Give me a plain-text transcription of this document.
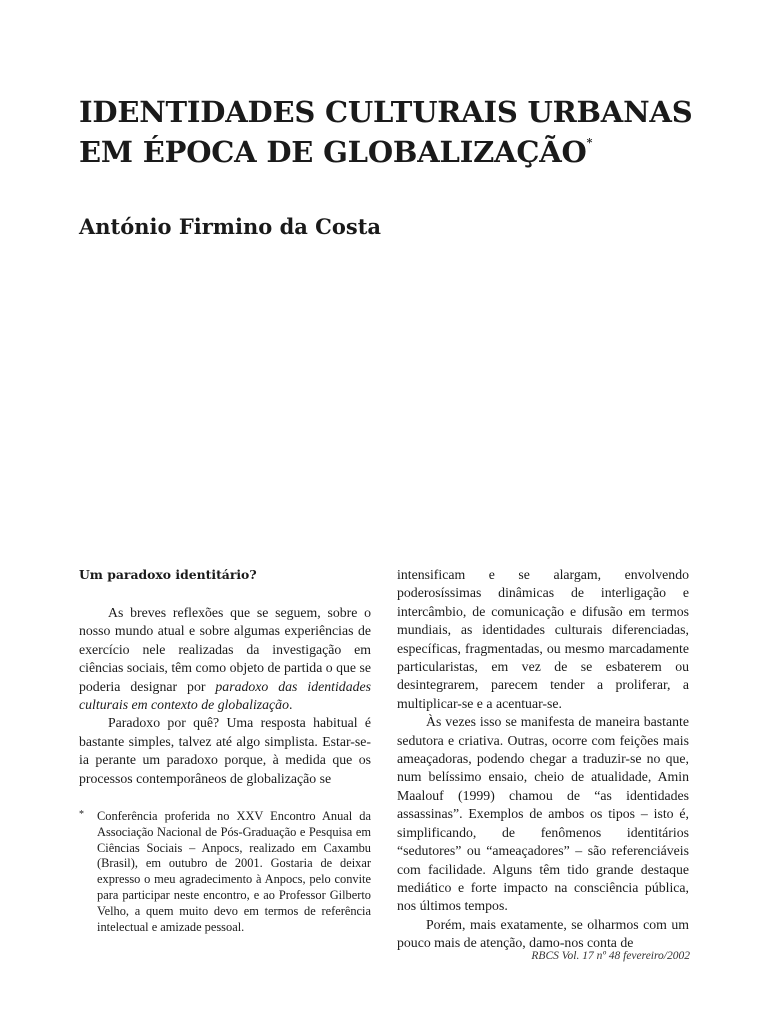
IDENTIDADES CULTURAIS URBANAS
EM ÉPOCA DE GLOBALIZAÇÃO*
António Firmino da Costa
Um paradoxo identitário?

As breves reflexões que se seguem, sobre o nosso mundo atual e sobre algumas experiências de exercício nele realizadas da investigação em ciências sociais, têm como objeto de partida o que se poderia designar por paradoxo das identidades culturais em contexto de globalização.

Paradoxo por quê? Uma resposta habitual é bastante simples, talvez até algo simplista. Estar-se-ia perante um paradoxo porque, à medida que os processos contemporâneos de globalização se

* Conferência proferida no XXV Encontro Anual da Associação Nacional de Pós-Graduação e Pesquisa em Ciências Sociais – Anpocs, realizado em Caxambu (Brasil), em outubro de 2001. Gostaria de deixar expresso o meu agradecimento à Anpocs, pelo convite para participar neste encontro, e ao Professor Gilberto Velho, a quem muito devo em termos de referência intelectual e amizade pessoal.

intensificam e se alargam, envolvendo poderosíssimas dinâmicas de interligação e intercâmbio, de comunicação e difusão em termos mundiais, as identidades culturais diferenciadas, específicas, fragmentadas, ou mesmo marcadamente particularistas, em vez de se esbaterem ou desintegrarem, parecem tender a proliferar, a multiplicar-se e a acentuar-se.

Às vezes isso se manifesta de maneira bastante sedutora e criativa. Outras, ocorre com feições mais ameaçadoras, podendo chegar a traduzir-se no que, num belíssimo ensaio, cheio de atualidade, Amin Maalouf (1999) chamou de “as identidades assassinas”. Exemplos de ambos os tipos – isto é, simplificando, de fenômenos identitários “sedutores” ou “ameaçadores” – são referenciáveis com facilidade. Alguns têm tido grande destaque mediático e forte impacto na consciência pública, nos últimos tempos.

Porém, mais exatamente, se olharmos com um pouco mais de atenção, damo-nos conta de

RBCS Vol. 17 nº 48 fevereiro/2002
